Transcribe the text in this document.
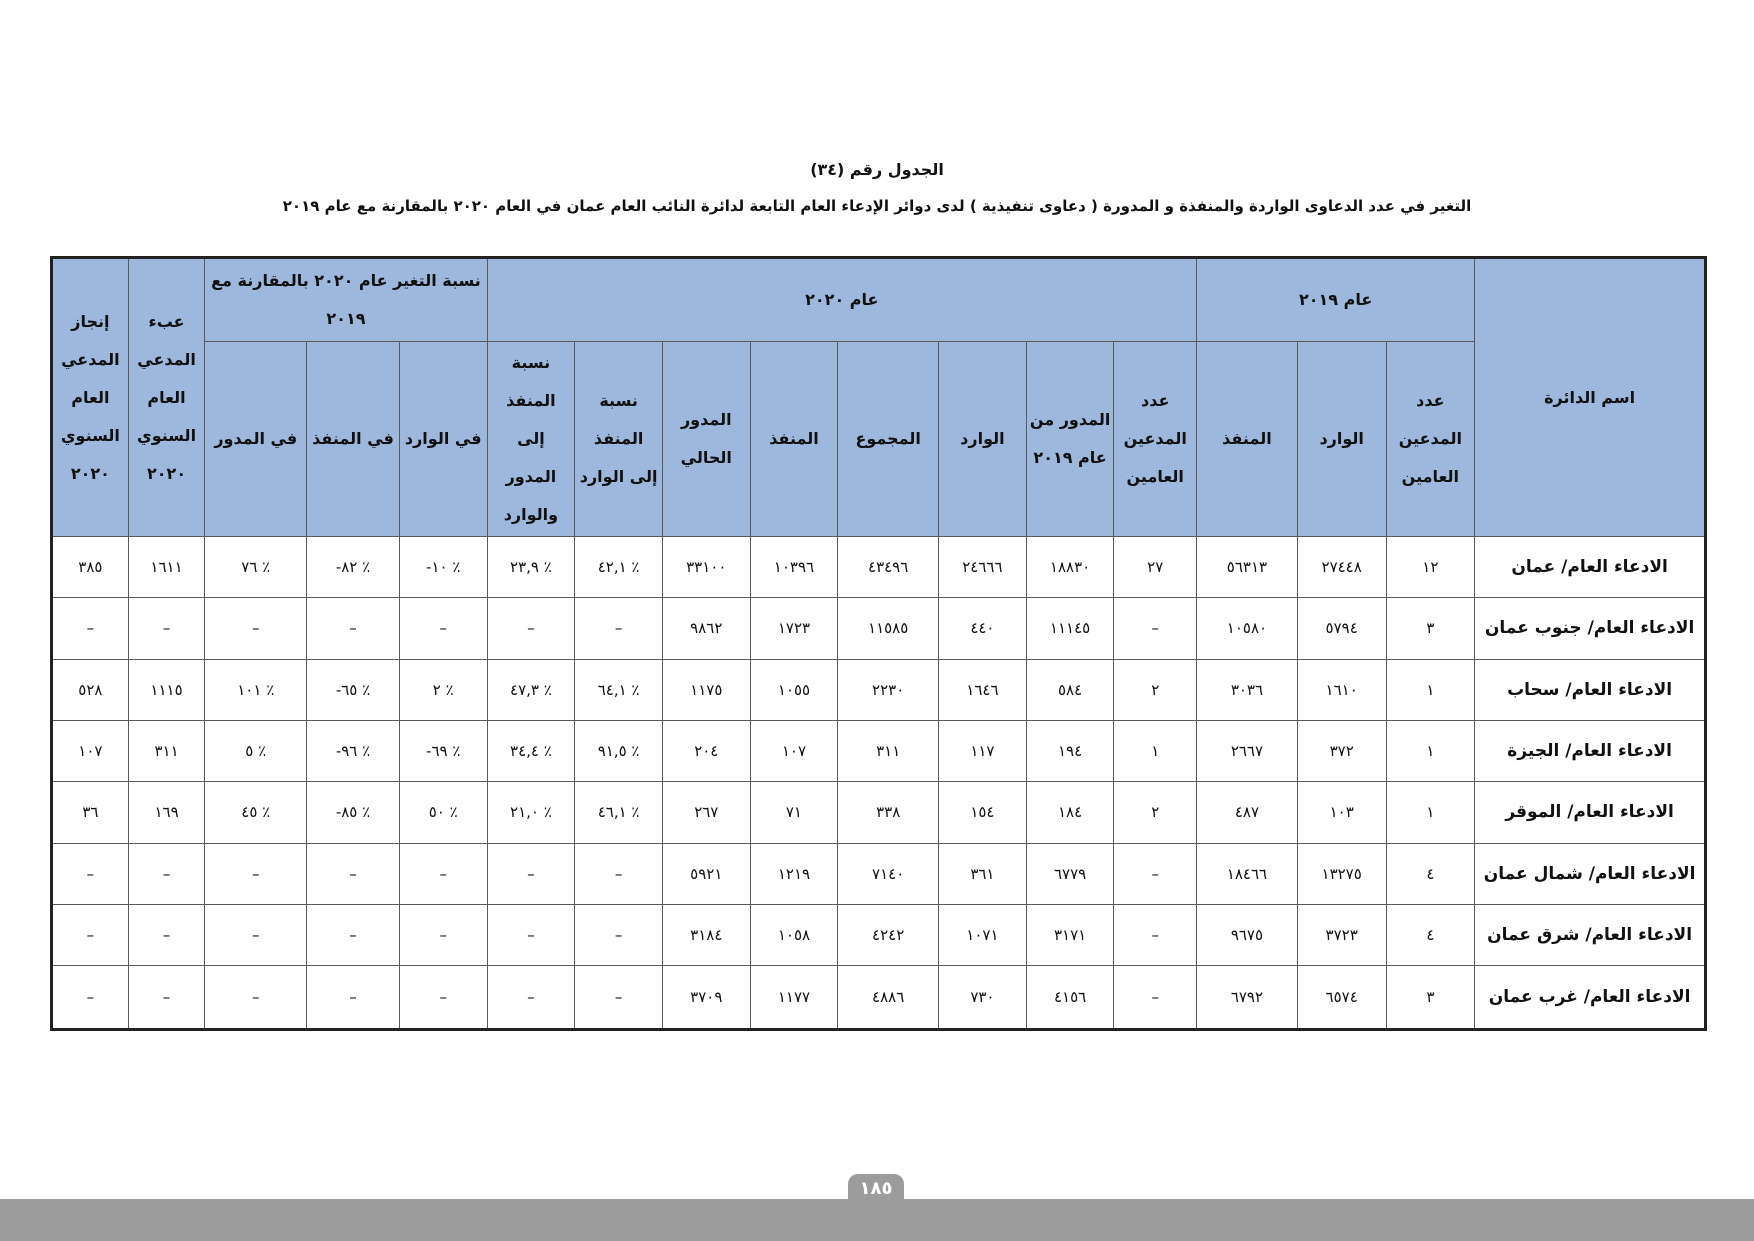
الجدول رقم (٣٤)

التغير في عدد الدعاوى الواردة والمنفذة و المدورة ( دعاوى تنفيذية ) لدى دوائر الإدعاء العام التابعة لدائرة النائب العام عمان في العام ٢٠٢٠ بالمقارنة مع عام ٢٠١٩

اسم الدائرة	عام ٢٠١٩			عام ٢٠٢٠								نسبة التغير عام ٢٠٢٠ بالمقارنة مع ٢٠١٩			عبء المدعي العام السنوي ٢٠٢٠	إنجاز المدعي العام السنوي ٢٠٢٠
	عدد المدعين العامين	الوارد	المنفذ	عدد المدعين العامين	المدور من عام ٢٠١٩	الوارد	المجموع	المنفذ	المدور الحالي	نسبة المنفذ إلى الوارد	نسبة المنفذ إلى المدور والوارد	في الوارد	في المنفذ	في المدور		
الادعاء العام/ عمان	١٢	٢٧٤٤٨	٥٦٣١٣	٢٧	١٨٨٣٠	٢٤٦٦٦	٤٣٤٩٦	١٠٣٩٦	٣٣١٠٠	٪ ٤٢,١	٪ ٢٣,٩	٪ ١٠-	٪ ٨٢-	٪ ٧٦	١٦١١	٣٨٥
الادعاء العام/ جنوب عمان	٣	٥٧٩٤	١٠٥٨٠	–	١١١٤٥	٤٤٠	١١٥٨٥	١٧٢٣	٩٨٦٢	–	–	–	–	–	–	–
الادعاء العام/ سحاب	١	١٦١٠	٣٠٣٦	٢	٥٨٤	١٦٤٦	٢٢٣٠	١٠٥٥	١١٧٥	٪ ٦٤,١	٪ ٤٧,٣	٪ ٢	٪ ٦٥-	٪ ١٠١	١١١٥	٥٢٨
الادعاء العام/ الجيزة	١	٣٧٢	٢٦٦٧	١	١٩٤	١١٧	٣١١	١٠٧	٢٠٤	٪ ٩١,٥	٪ ٣٤,٤	٪ ٦٩-	٪ ٩٦-	٪ ٥	٣١١	١٠٧
الادعاء العام/ الموقر	١	١٠٣	٤٨٧	٢	١٨٤	١٥٤	٣٣٨	٧١	٢٦٧	٪ ٤٦,١	٪ ٢١,٠	٪ ٥٠	٪ ٨٥-	٪ ٤٥	١٦٩	٣٦
الادعاء العام/ شمال عمان	٤	١٣٢٧٥	١٨٤٦٦	–	٦٧٧٩	٣٦١	٧١٤٠	١٢١٩	٥٩٢١	–	–	–	–	–	–	–
الادعاء العام/ شرق عمان	٤	٣٧٢٣	٩٦٧٥	–	٣١٧١	١٠٧١	٤٢٤٢	١٠٥٨	٣١٨٤	–	–	–	–	–	–	–
الادعاء العام/ غرب عمان	٣	٦٥٧٤	٦٧٩٢	–	٤١٥٦	٧٣٠	٤٨٨٦	١١٧٧	٣٧٠٩	–	–	–	–	–	–	–
١٨٥
